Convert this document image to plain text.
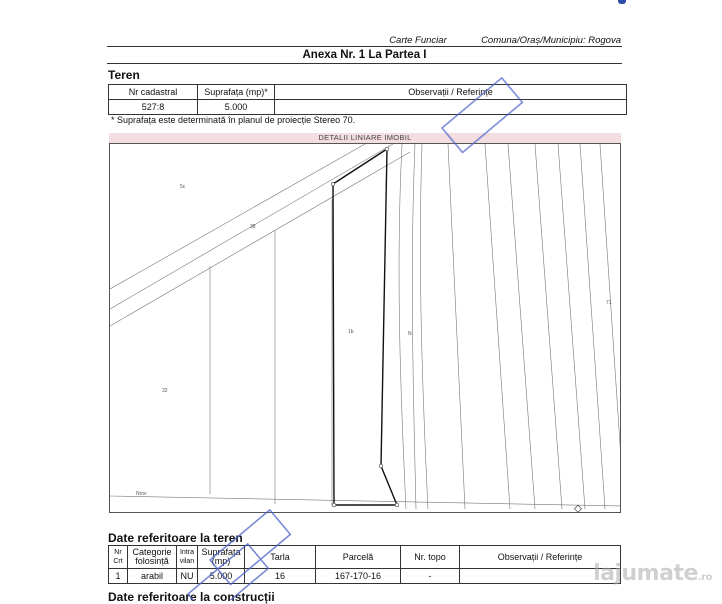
Carte Funciar	Comuna/Oraș/Municipiu: Rogova
Anexa Nr. 1 La Partea I
Teren
Nr cadastral	Suprafața (mp)*	Observații / Referințe
527:8	5.000	
* Suprafața este determinată în planul de proiecție Stereo 70.
DETALII LINIARE IMOBIL
5c
38
1b
32
N
71
Nrov
Date referitoare la teren
Nr Crt	Categorie folosință	Intra vilan	Suprafața (mp)	Tarla	Parcelă	Nr. topo	Observații / Referințe
1	arabil	NU	5.000	16	167-170-16	-	
Date referitoare la construcții
lajumate.ro
